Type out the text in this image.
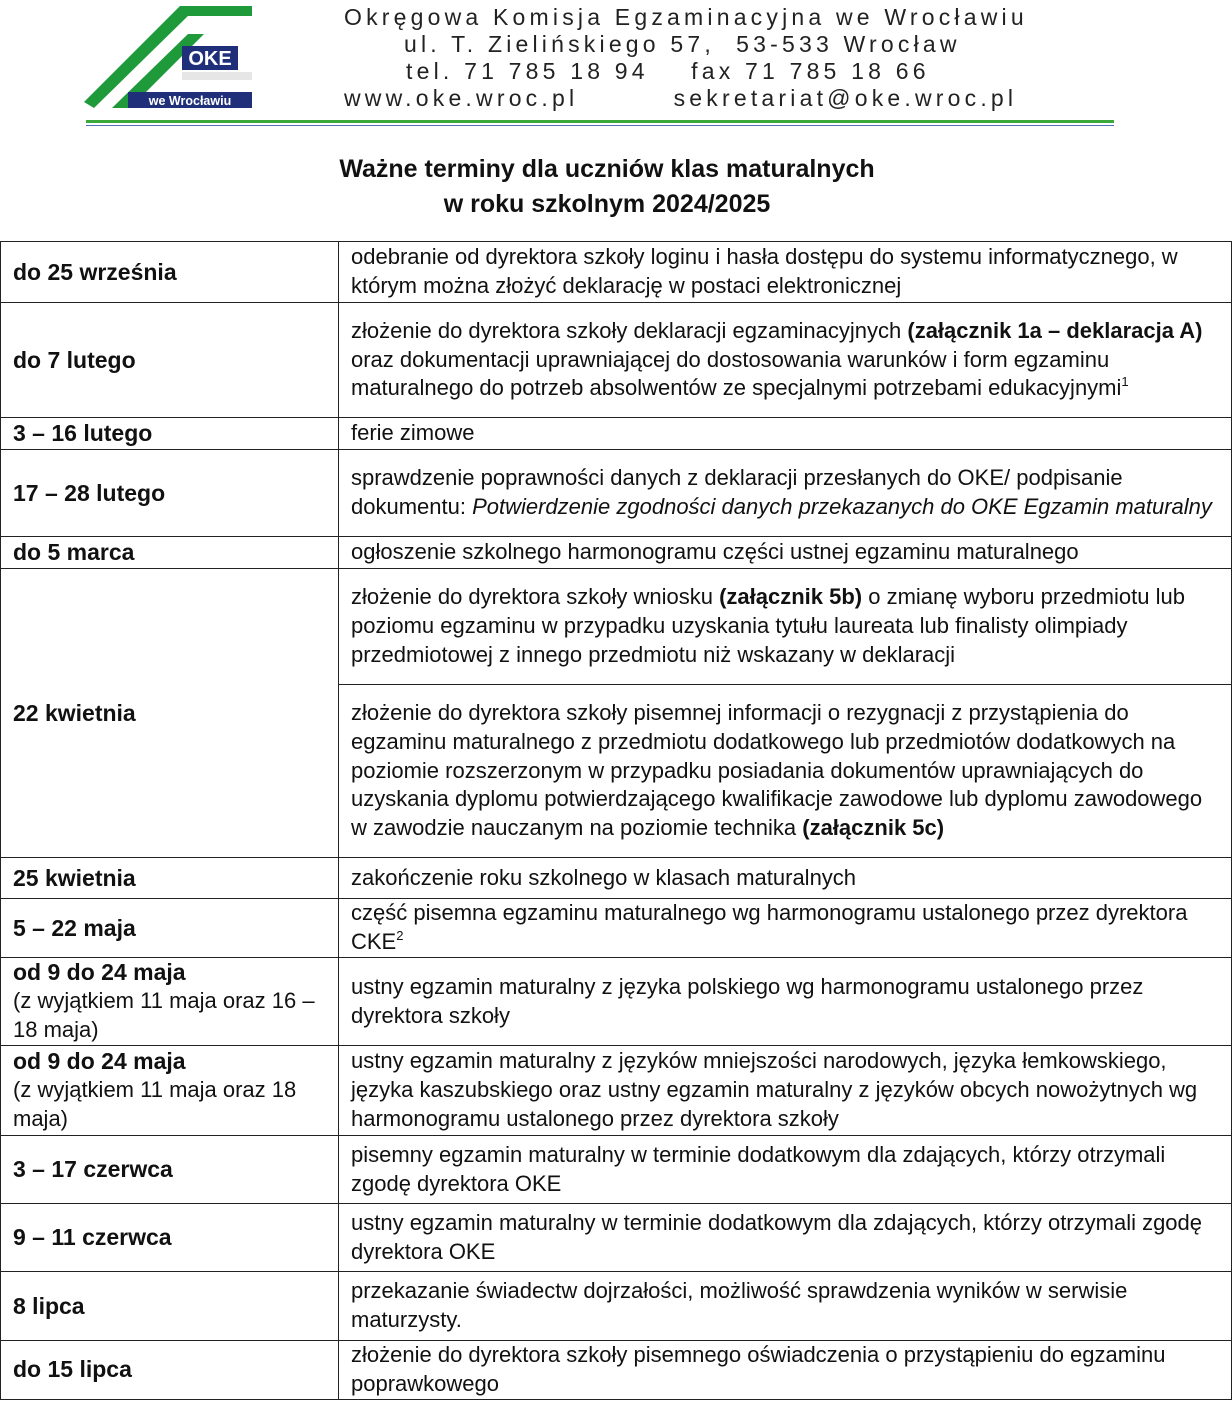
OKE
we Wrocławiu
Okręgowa Komisja Egzaminacyjna we Wrocławiu
ul. T. Zielińskiego 57,  53-533 Wrocław
tel. 71 785 18 94    fax 71 785 18 66
www.oke.wroc.pl         sekretariat@oke.wroc.pl
Ważne terminy dla uczniów klas maturalnych
w roku szkolnym 2024/2025
do 25 września	odebranie od dyrektora szkoły loginu i hasła dostępu do systemu informatycznego, w którym można złożyć deklarację w postaci elektronicznej
do 7 lutego	złożenie do dyrektora szkoły deklaracji egzaminacyjnych (załącznik 1a – deklaracja A) oraz dokumentacji uprawniającej do dostosowania warunków i form egzaminu maturalnego do potrzeb absolwentów ze specjalnymi potrzebami edukacyjnymi$^1$
3 – 16 lutego	ferie zimowe
17 – 28 lutego	sprawdzenie poprawności danych z deklaracji przesłanych do OKE/ podpisanie dokumentu: Potwierdzenie zgodności danych przekazanych do OKE Egzamin maturalny
do 5 marca	ogłoszenie szkolnego harmonogramu części ustnej egzaminu maturalnego
22 kwietnia	złożenie do dyrektora szkoły wniosku (załącznik 5b) o zmianę wyboru przedmiotu lub poziomu egzaminu w przypadku uzyskania tytułu laureata lub finalisty olimpiady przedmiotowej z innego przedmiotu niż wskazany w deklaracji
	złożenie do dyrektora szkoły pisemnej informacji o rezygnacji z przystąpienia do egzaminu maturalnego z przedmiotu dodatkowego lub przedmiotów dodatkowych na poziomie rozszerzonym w przypadku posiadania dokumentów uprawniających do uzyskania dyplomu potwierdzającego kwalifikacje zawodowe lub dyplomu zawodowego w zawodzie nauczanym na poziomie technika (załącznik 5c)
25 kwietnia	zakończenie roku szkolnego w klasach maturalnych
5 – 22 maja	część pisemna egzaminu maturalnego wg harmonogramu ustalonego przez dyrektora CKE$^2$
od 9 do 24 maja
(z wyjątkiem 11 maja oraz 16 – 18 maja)	ustny egzamin maturalny z języka polskiego wg harmonogramu ustalonego przez dyrektora szkoły
od 9 do 24 maja
(z wyjątkiem 11 maja oraz 18 maja)	ustny egzamin maturalny z języków mniejszości narodowych, języka łemkowskiego, języka kaszubskiego oraz ustny egzamin maturalny z języków obcych nowożytnych wg harmonogramu ustalonego przez dyrektora szkoły
3 – 17 czerwca	pisemny egzamin maturalny w terminie dodatkowym dla zdających, którzy otrzymali zgodę dyrektora OKE
9 – 11 czerwca	ustny egzamin maturalny w terminie dodatkowym dla zdających, którzy otrzymali zgodę dyrektora OKE
8 lipca	przekazanie świadectw dojrzałości, możliwość sprawdzenia wyników w serwisie maturzysty.
do 15 lipca	złożenie do dyrektora szkoły pisemnego oświadczenia o przystąpieniu do egzaminu poprawkowego
